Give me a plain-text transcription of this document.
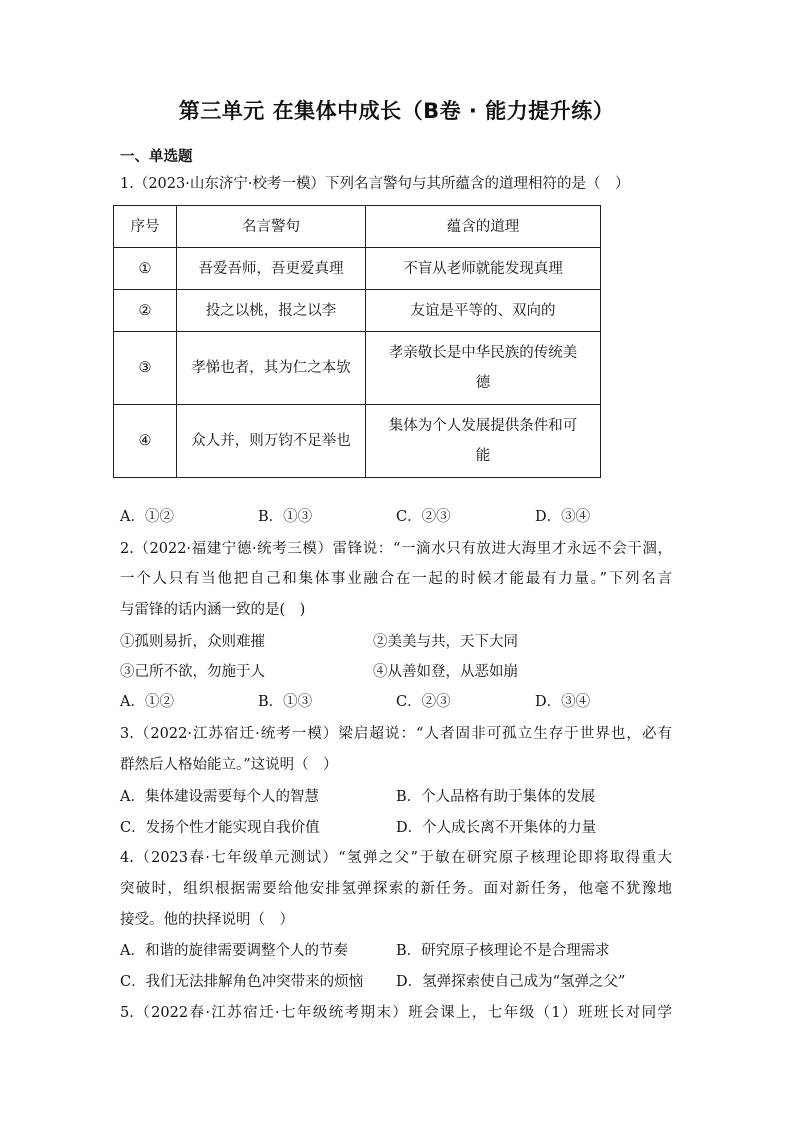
第三单元 在集体中成长（B卷 · 能力提升练）
一、单选题
1.（2023·山东济宁·校考一模）下列名言警句与其所蕴含的道理相符的是（　）
序号	名言警句	蕴含的道理
①	吾爱吾师，吾更爱真理	不盲从老师就能发现真理
②	投之以桃，报之以李	友谊是平等的、双向的
③	孝悌也者，其为仁之本欤	孝亲敬长是中华民族的传统美
德

④	众人并，则万钧不足举也	集体为个人发展提供条件和可
能
A．①②	B．①③	C．②③	D．③④
2.（2022·福建宁德·统考三模）雷锋说：“一滴水只有放进大海里才永远不会干涸，
一个人只有当他把自己和集体事业融合在一起的时候才能最有力量。”下列名言
与雷锋的话内涵一致的是(　)
①孤则易折，众则难摧	②美美与共，天下大同
③己所不欲，勿施于人	④从善如登，从恶如崩
A．①②	B．①③	C．②③	D．③④
3.（2022·江苏宿迁·统考一模）梁启超说：“人者固非可孤立生存于世界也，必有
群然后人格始能立。”这说明（　）
A．集体建设需要每个人的智慧	B．个人品格有助于集体的发展
C．发扬个性才能实现自我价值	D．个人成长离不开集体的力量
4.（2023春·七年级单元测试）“氢弹之父”于敏在研究原子核理论即将取得重大
突破时，组织根据需要给他安排氢弹探索的新任务。面对新任务，他毫不犹豫地
接受。他的抉择说明（　）
A．和谐的旋律需要调整个人的节奏	B．研究原子核理论不是合理需求
C．我们无法排解角色冲突带来的烦恼 D．氢弹探索使自己成为“氢弹之父”
5.（2022春·江苏宿迁·七年级统考期末）班会课上，七年级（1）班班长对同学
